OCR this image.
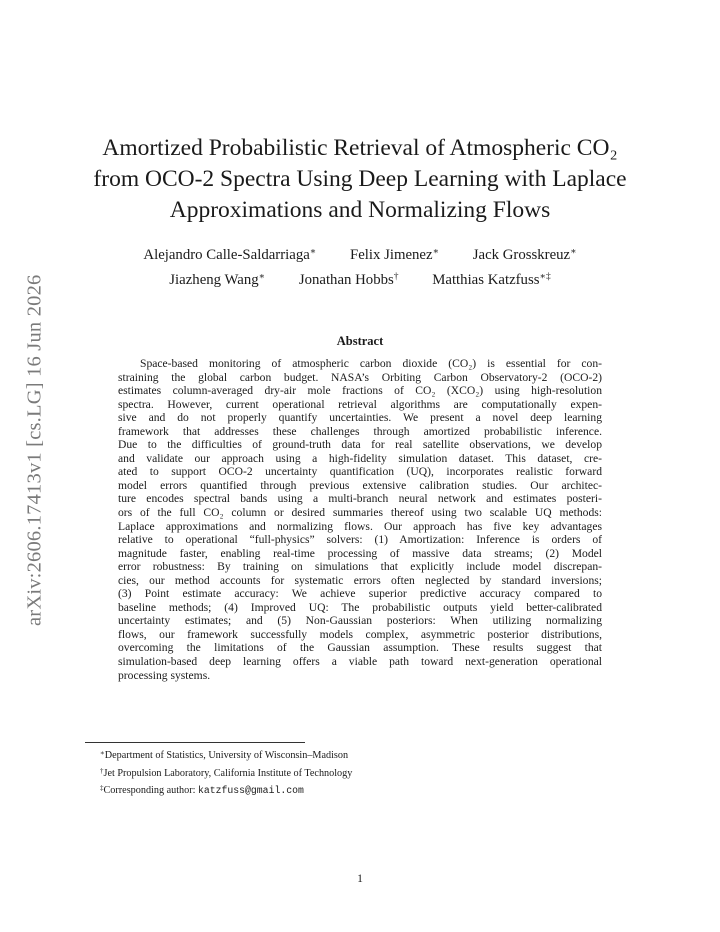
arXiv:2606.17413v1 [cs.LG] 16 Jun 2026
Amortized Probabilistic Retrieval of Atmospheric CO₂
from OCO-2 Spectra Using Deep Learning with Laplace
Approximations and Normalizing Flows
Alejandro Calle-Saldarriaga∗ Felix Jimenez∗ Jack Grosskreuz∗
Jiazheng Wang∗ Jonathan Hobbs† Matthias Katzfuss∗‡
Abstract
Space-based monitoring of atmospheric carbon dioxide (CO₂) is essential for con-
straining the global carbon budget. NASA’s Orbiting Carbon Observatory-2 (OCO-2)
estimates column-averaged dry-air mole fractions of CO₂ (XCO₂) using high-resolution
spectra. However, current operational retrieval algorithms are computationally expen-
sive and do not properly quantify uncertainties. We present a novel deep learning
framework that addresses these challenges through amortized probabilistic inference.
Due to the difficulties of ground-truth data for real satellite observations, we develop
and validate our approach using a high-fidelity simulation dataset. This dataset, cre-
ated to support OCO-2 uncertainty quantification (UQ), incorporates realistic forward
model errors quantified through previous extensive calibration studies. Our architec-
ture encodes spectral bands using a multi-branch neural network and estimates posteri-
ors of the full CO₂ column or desired summaries thereof using two scalable UQ methods:
Laplace approximations and normalizing flows. Our approach has five key advantages
relative to operational “full-physics” solvers: (1) Amortization: Inference is orders of
magnitude faster, enabling real-time processing of massive data streams; (2) Model
error robustness: By training on simulations that explicitly include model discrepan-
cies, our method accounts for systematic errors often neglected by standard inversions;
(3) Point estimate accuracy: We achieve superior predictive accuracy compared to
baseline methods; (4) Improved UQ: The probabilistic outputs yield better-calibrated
uncertainty estimates; and (5) Non-Gaussian posteriors: When utilizing normalizing
flows, our framework successfully models complex, asymmetric posterior distributions,
overcoming the limitations of the Gaussian assumption. These results suggest that
simulation-based deep learning offers a viable path toward next-generation operational
processing systems.
∗Department of Statistics, University of Wisconsin–Madison
†Jet Propulsion Laboratory, California Institute of Technology
‡Corresponding author: katzfuss@gmail.com
1
